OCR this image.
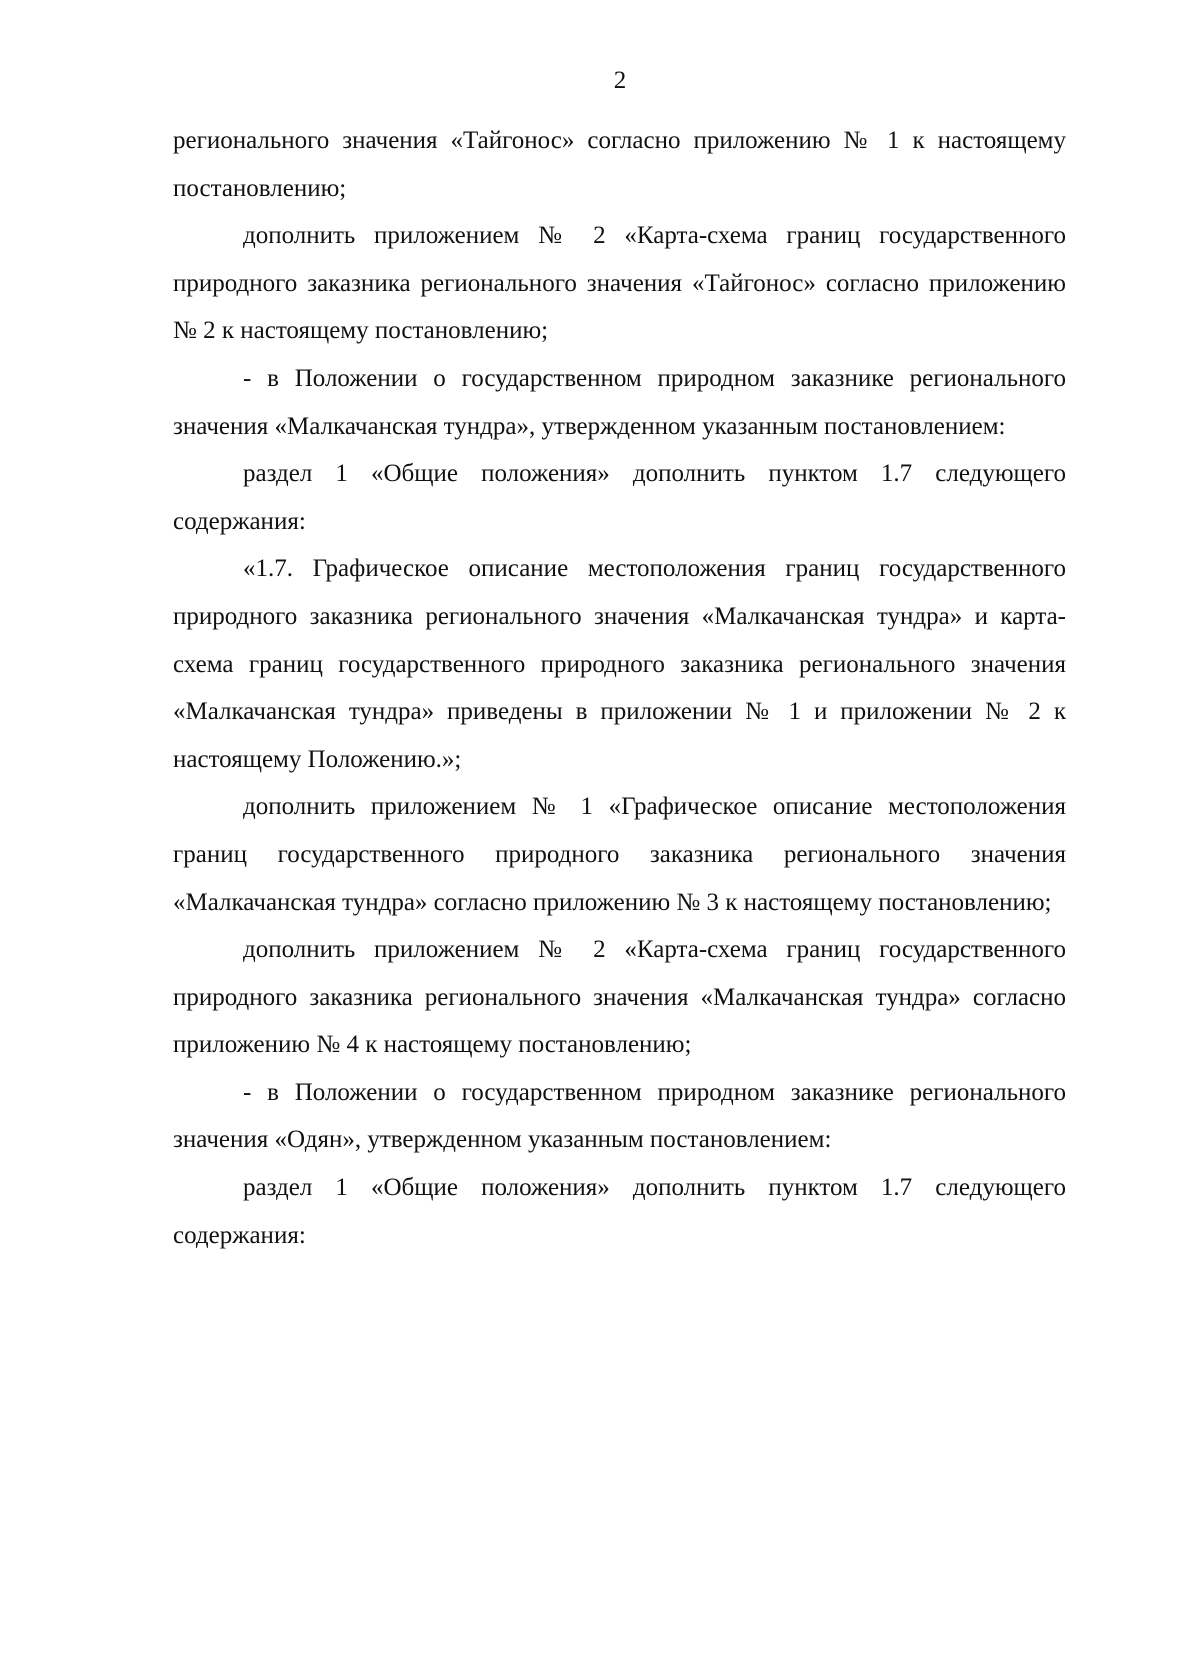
2

регионального значения «Тайгонос» согласно приложению № 1 к настоящему постановлению;

дополнить приложением № 2 «Карта-схема границ государственного природного заказника регионального значения «Тайгонос» согласно приложению № 2 к настоящему постановлению;

- в Положении о государственном природном заказнике регионального значения «Малкачанская тундра», утвержденном указанным постановлением:

раздел 1 «Общие положения» дополнить пунктом 1.7 следующего содержания:

«1.7. Графическое описание местоположения границ государственного природного заказника регионального значения «Малкачанская тундра» и карта-схема границ государственного природного заказника регионального значения «Малкачанская тундра» приведены в приложении № 1 и приложении № 2 к настоящему Положению.»;

дополнить приложением № 1 «Графическое описание местоположения границ государственного природного заказника регионального значения «Малкачанская тундра» согласно приложению № 3 к настоящему постановлению;

дополнить приложением № 2 «Карта-схема границ государственного природного заказника регионального значения «Малкачанская тундра» согласно приложению № 4 к настоящему постановлению;

- в Положении о государственном природном заказнике регионального значения «Одян», утвержденном указанным постановлением:

раздел 1 «Общие положения» дополнить пунктом 1.7 следующего содержания:
